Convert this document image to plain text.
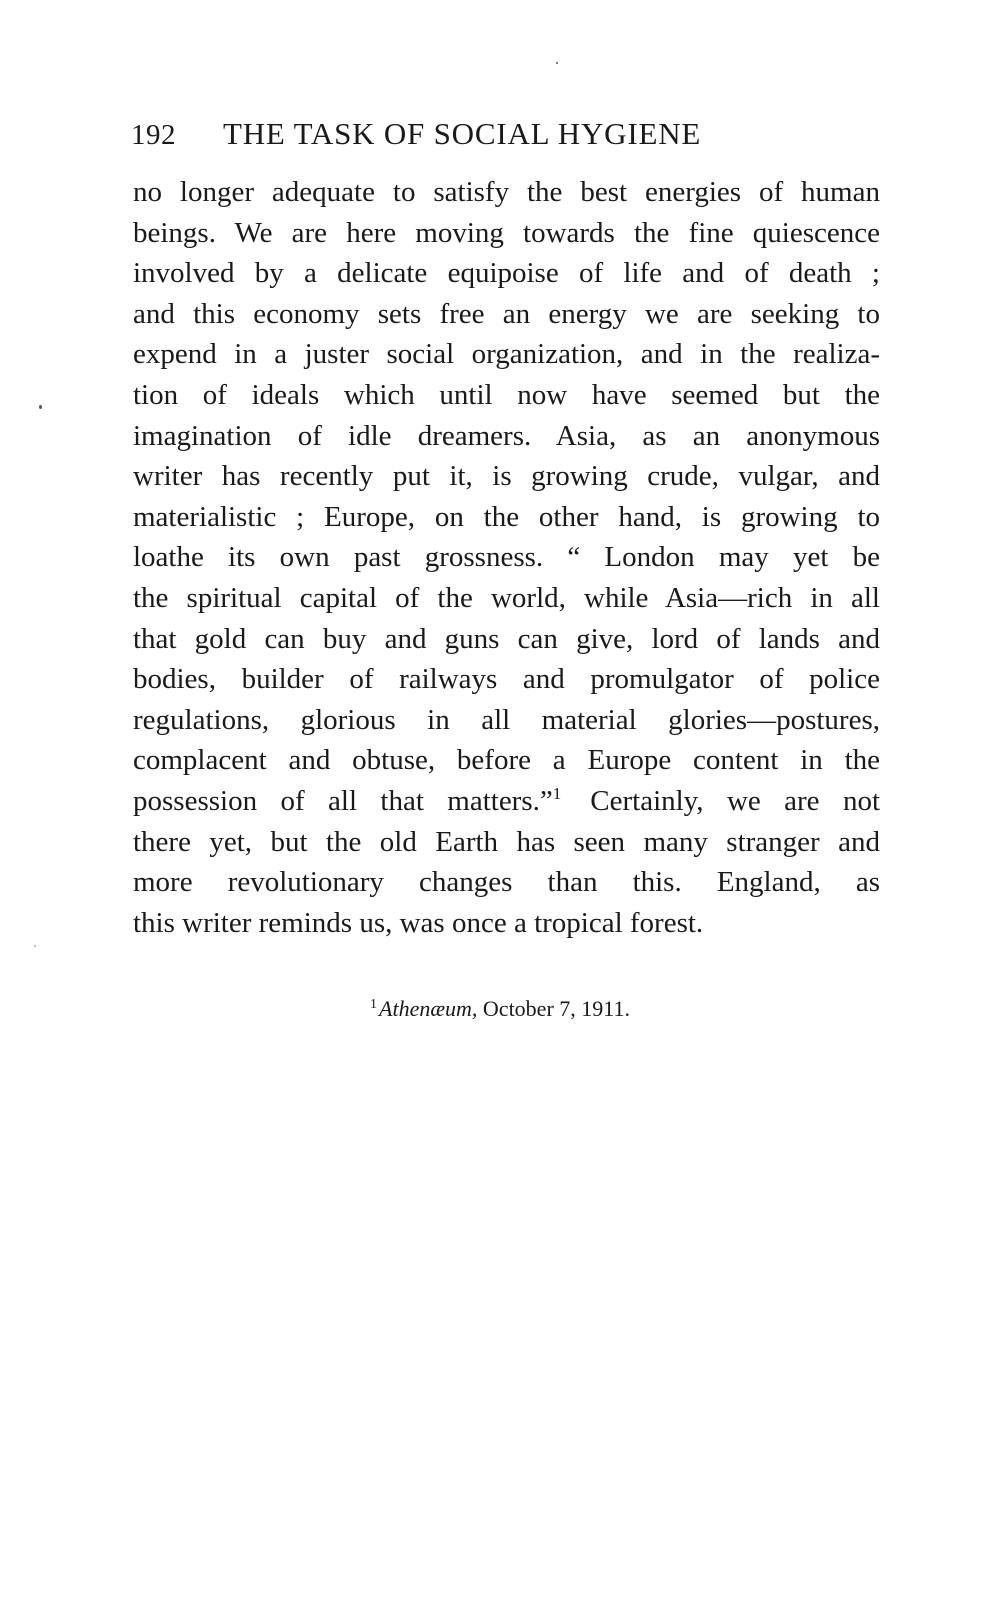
192 THE TASK OF SOCIAL HYGIENE
no longer adequate to satisfy the best energies of human
beings. We are here moving towards the fine quiescence
involved by a delicate equipoise of life and of death ;
and this economy sets free an energy we are seeking to
expend in a juster social organization, and in the realiza-
tion of ideals which until now have seemed but the
imagination of idle dreamers. Asia, as an anonymous
writer has recently put it, is growing crude, vulgar, and
materialistic ; Europe, on the other hand, is growing to
loathe its own past grossness. “ London may yet be
the spiritual capital of the world, while Asia—rich in all
that gold can buy and guns can give, lord of lands and
bodies, builder of railways and promulgator of police
regulations, glorious in all material glories—postures,
complacent and obtuse, before a Europe content in the
possession of all that matters.”$^1$   Certainly, we are not
there yet, but the old Earth has seen many stranger and
more revolutionary changes than this. England, as
this writer reminds us, was once a tropical forest.
$^1$Athenæum, October 7, 1911.
